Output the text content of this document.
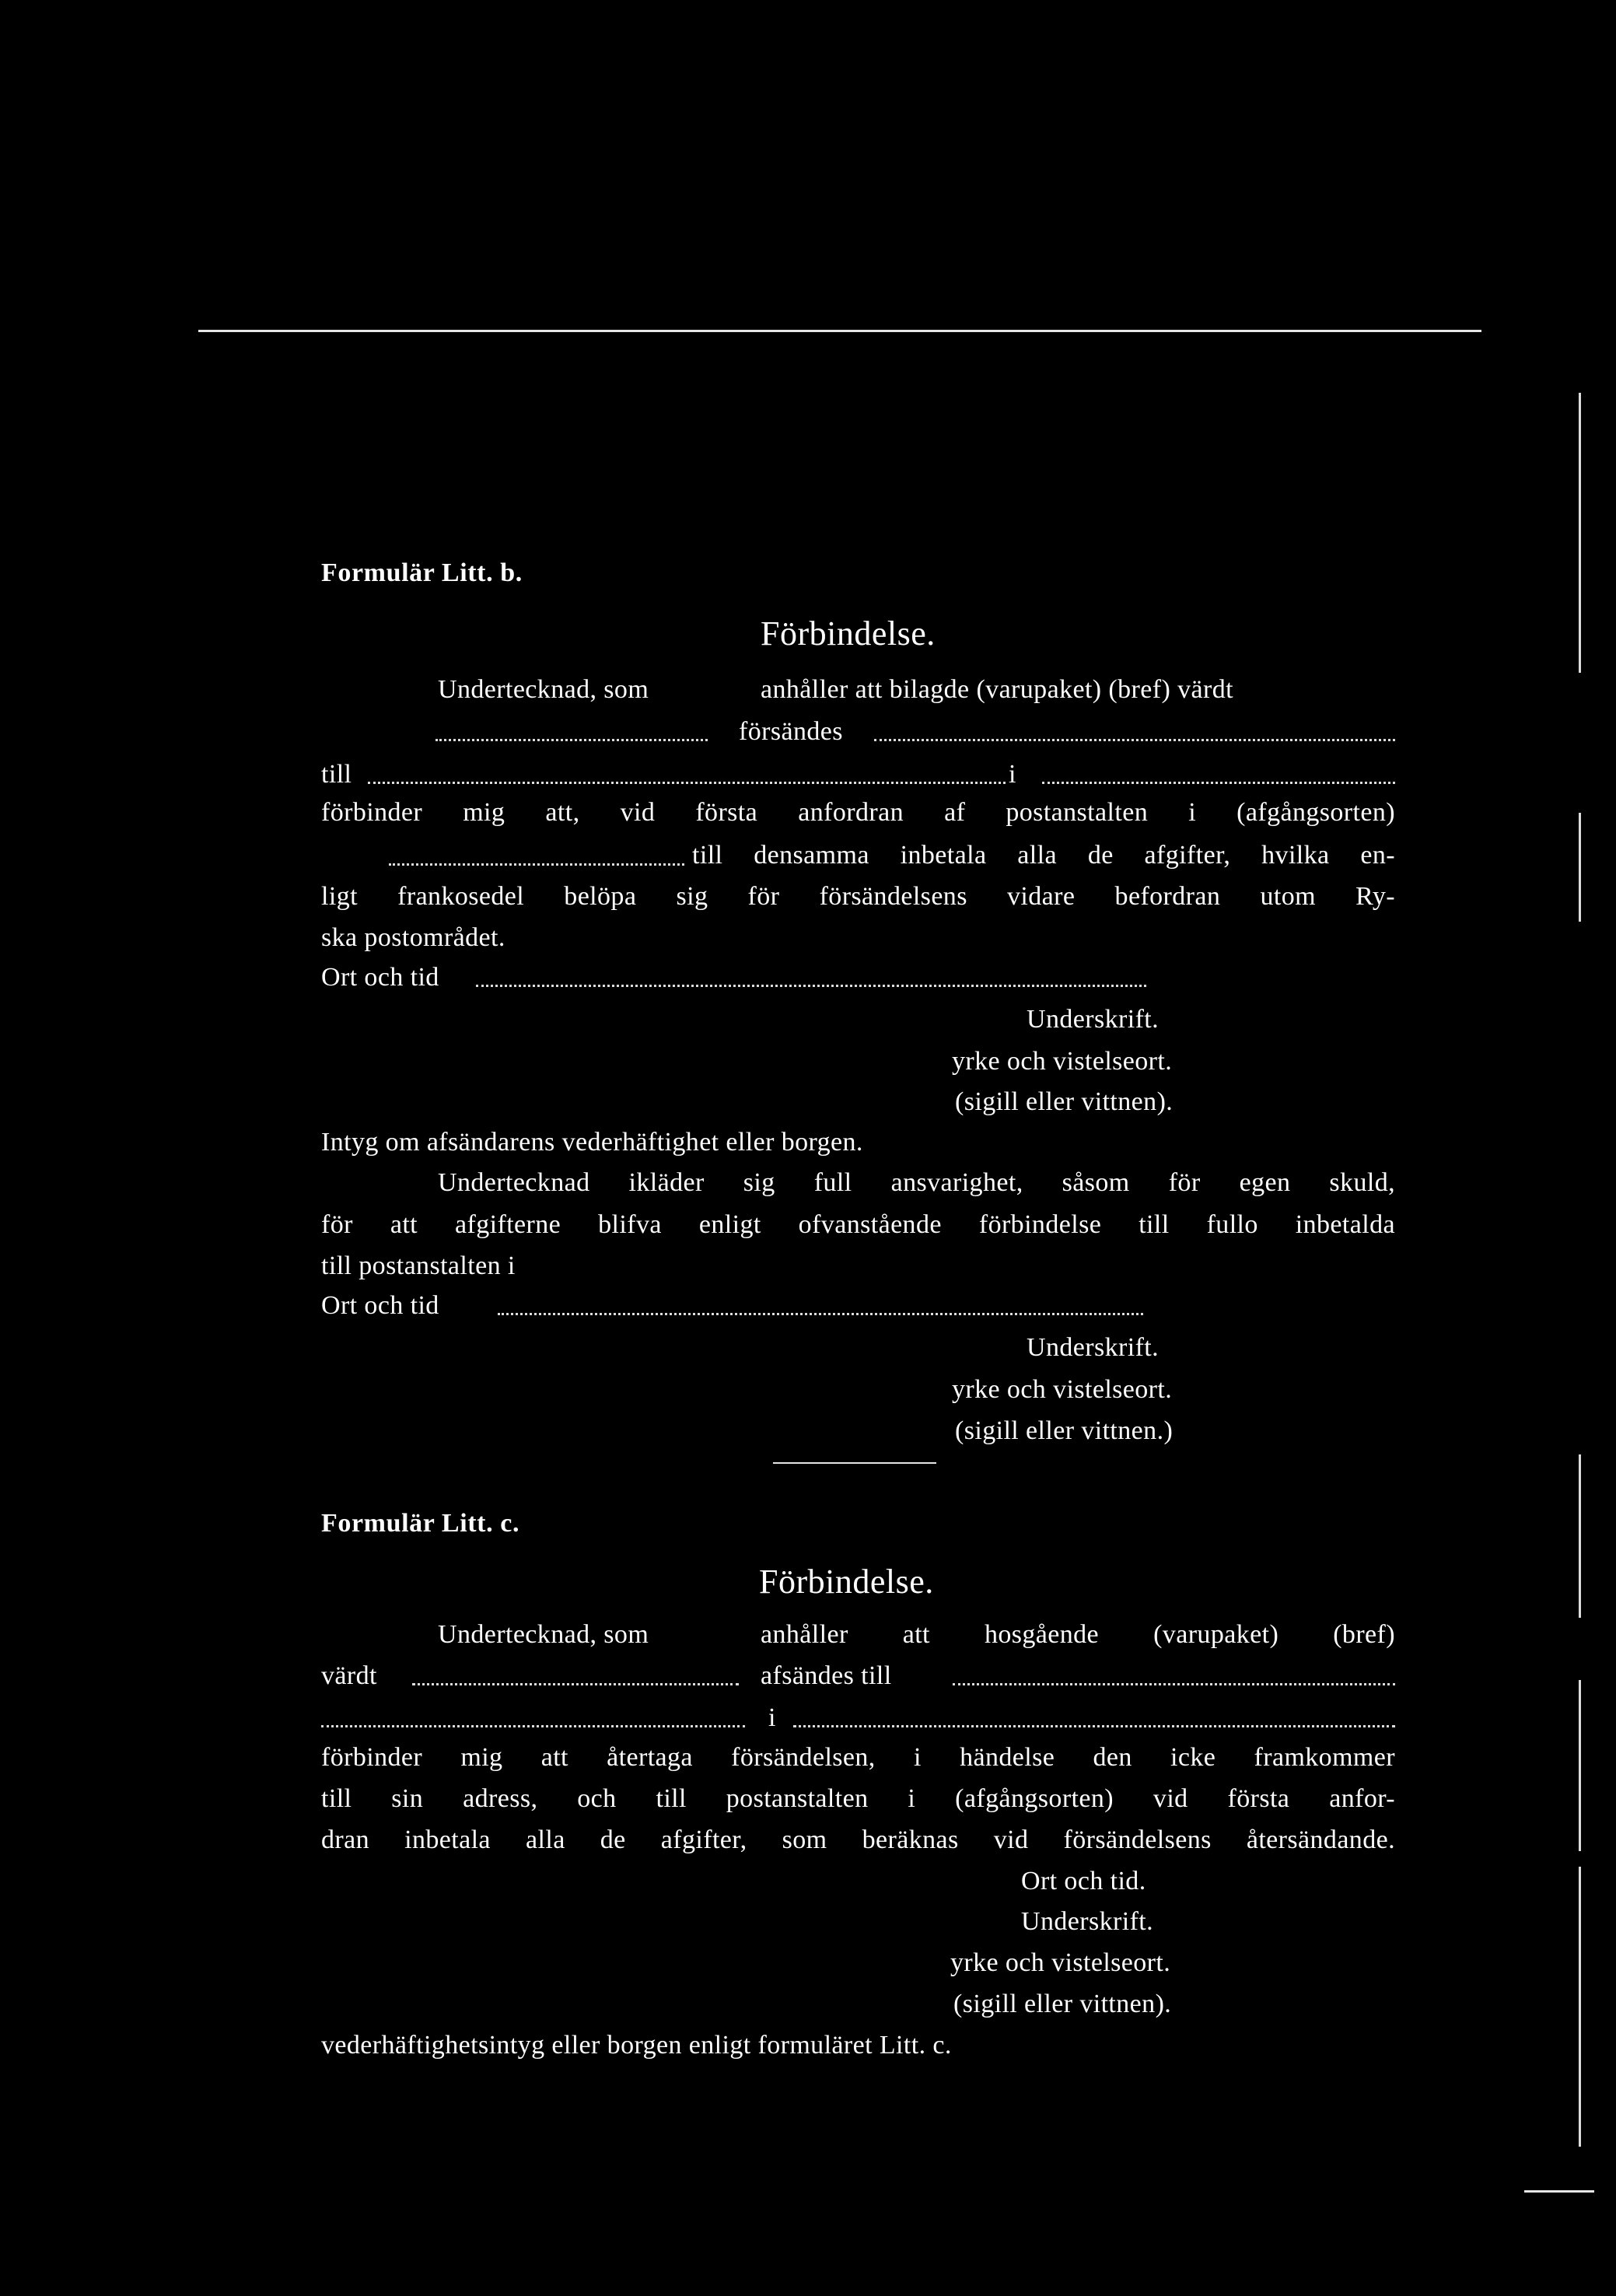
Formulär Litt. b.
Förbindelse.
Undertecknad, som	anhåller att bilagde (varupaket) (bref) värdt
försändes
till	i
förbinder mig att, vid första anfordran af postanstalten i (afgångsorten)
till densamma inbetala alla de afgifter, hvilka en-
ligt frankosedel belöpa sig för försändelsens vidare befordran utom Ry-
ska postområdet.
Ort och tid
Underskrift.
yrke och vistelseort.
(sigill eller vittnen).
Intyg om afsändarens vederhäftighet eller borgen.
Undertecknad ikläder sig full ansvarighet, såsom för egen skuld,
för att afgifterne blifva enligt ofvanstående förbindelse till fullo inbetalda
till postanstalten i
Ort och tid
Underskrift.
yrke och vistelseort.
(sigill eller vittnen.)
Formulär Litt. c.
Förbindelse.
Undertecknad, som	anhåller att hosgående (varupaket) (bref)
värdt	afsändes till
i
förbinder mig att återtaga försändelsen, i händelse den icke framkommer
till sin adress, och till postanstalten i (afgångsorten) vid första anfor-
dran inbetala alla de afgifter, som beräknas vid försändelsens återsändande.
Ort och tid.
Underskrift.
yrke och vistelseort.
(sigill eller vittnen).
vederhäftighetsintyg eller borgen enligt formuläret Litt. c.
